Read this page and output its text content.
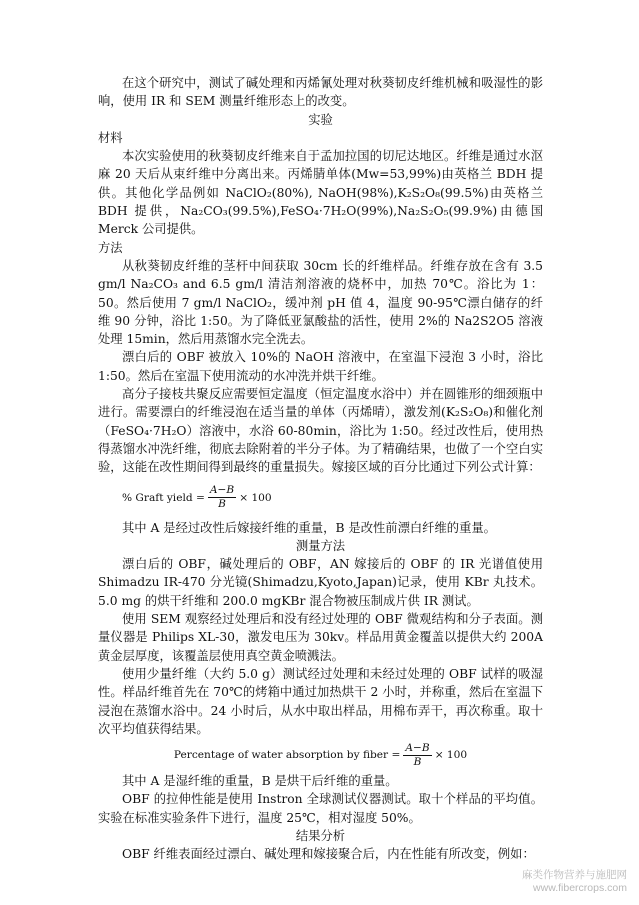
在这个研究中，测试了碱处理和丙烯氰处理对秋葵韧皮纤维机械和吸湿性的影响，使用 IR 和 SEM 测量纤维形态上的改变。

实验
材料

本次实验使用的秋葵韧皮纤维来自于孟加拉国的切尼达地区。纤维是通过水沤麻 20 天后从束纤维中分离出来。丙烯腈单体(Mw=53,99%)由英格兰 BDH 提供。其他化学品例如 NaClO₂(80%), NaOH(98%),K₂S₂O₈(99.5%)由英格兰 BDH 提供，Na₂CO₃(99.5%),FeSO₄·7H₂O(99%),Na₂S₂O₅(99.9%)由德国 Merck 公司提供。

方法

从秋葵韧皮纤维的茎杆中间获取 30cm 长的纤维样品。纤维存放在含有 3.5 gm/l Na₂CO₃ and 6.5 gm/l 清洁剂溶液的烧杯中，加热 70℃。浴比为 1：50。然后使用 7 gm/l NaClO₂，缓冲剂 pH 值 4，温度 90-95℃漂白储存的纤维 90 分钟，浴比 1:50。为了降低亚氯酸盐的活性，使用 2%的 Na2S2O5 溶液处理 15min，然后用蒸馏水完全洗去。

漂白后的 OBF 被放入 10%的 NaOH 溶液中，在室温下浸泡 3 小时，浴比 1:50。然后在室温下使用流动的水冲洗并烘干纤维。

高分子接枝共聚反应需要恒定温度（恒定温度水浴中）并在圆锥形的细颈瓶中进行。需要漂白的纤维浸泡在适当量的单体（丙烯晴），激发剂(K₂S₂O₈)和催化剂（FeSO₄·7H₂O）溶液中，水浴 60-80min，浴比为 1:50。经过改性后，使用热得蒸馏水冲洗纤维，彻底去除附着的半分子体。为了精确结果，也做了一个空白实验，这能在改性期间得到最终的重量损失。嫁接区域的百分比通过下列公式计算：

% Graft yield = $\frac{A-B}{B} \times 100$

其中 A 是经过改性后嫁接纤维的重量，B 是改性前漂白纤维的重量。

测量方法

漂白后的 OBF，碱处理后的 OBF，AN 嫁接后的 OBF 的 IR 光谱值使用 Shimadzu IR-470 分光镜(Shimadzu,Kyoto,Japan)记录，使用 KBr 丸技术。5.0 mg 的烘干纤维和 200.0 mgKBr 混合物被压制成片供 IR 测试。

使用 SEM 观察经过处理后和没有经过处理的 OBF 微观结构和分子表面。测量仪器是 Philips XL-30，激发电压为 30kv。样品用黄金覆盖以提供大约 200A 黄金层厚度，该覆盖层使用真空黄金喷溅法。

使用少量纤维（大约 5.0 g）测试经过处理和未经过处理的 OBF 试样的吸湿性。样品纤维首先在 70℃的烤箱中通过加热烘干 2 小时，并称重，然后在室温下浸泡在蒸馏水浴中。24 小时后，从水中取出样品，用棉布弄干，再次称重。取十次平均值获得结果。

Percentage of water absorption by fiber = $\frac{A-B}{B} \times 100$

其中 A 是湿纤维的重量，B 是烘干后纤维的重量。

OBF 的拉伸性能是使用 Instron 全球测试仪器测试。取十个样品的平均值。实验在标准实验条件下进行，温度 25℃，相对湿度 50%。

结果分析

OBF 纤维表面经过漂白、碱处理和嫁接聚合后，内在性能有所改变，例如：

麻类作物营养与施肥网
www.fibercrops.com
